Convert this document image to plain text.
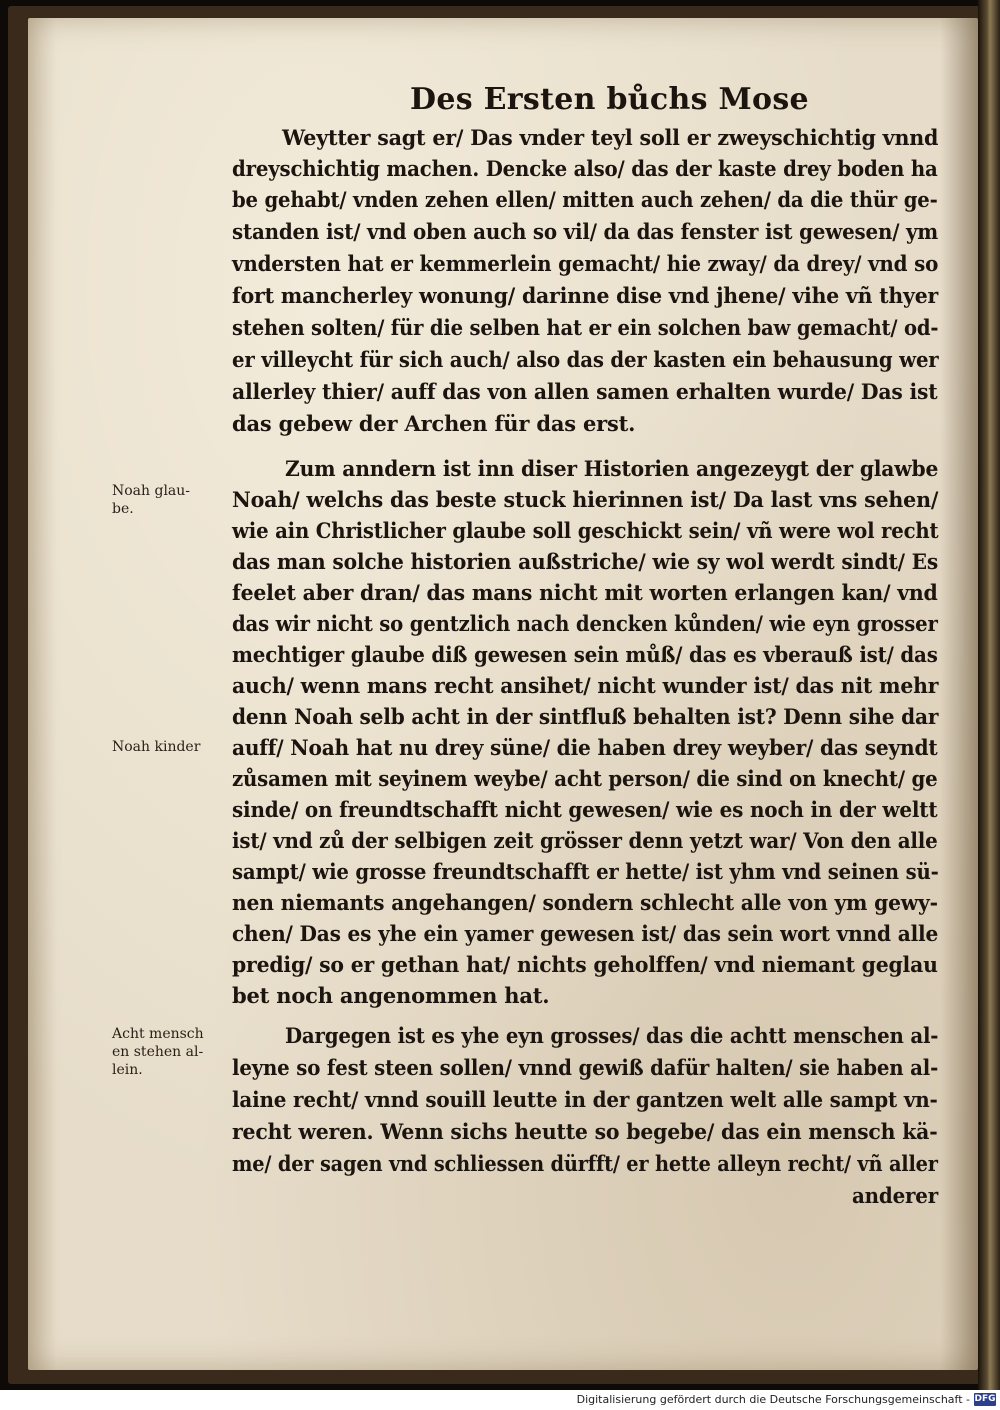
Des Ersten bůchs Mose

Weytter sagt er/ Das vnder teyl soll er zweyschichtig vnnd

dreyschichtig machen. Dencke also/ das der kaste drey boden ha

be gehabt/ vnden zehen ellen/ mitten auch zehen/ da die thür ge-

standen ist/ vnd oben auch so vil/ da das fenster ist gewesen/ ym

vndersten hat er kemmerlein gemacht/ hie zway/ da drey/ vnd so

fort mancherley wonung/ darinne dise vnd jhene/ vihe vñ thyer

stehen solten/ für die selben hat er ein solchen baw gemacht/ od-

er villeycht für sich auch/ also das der kasten ein behausung wer

allerley thier/ auff das von allen samen erhalten wurde/ Das ist

das gebew der Archen für das erst.

Zum anndern ist inn diser Historien angezeygt der glawbe

Noah/ welchs das beste stuck hierinnen ist/ Da last vns sehen/

wie ain Christlicher glaube soll geschickt sein/ vñ were wol recht

das man solche historien außstriche/ wie sy wol werdt sindt/ Es

feelet aber dran/ das mans nicht mit worten erlangen kan/ vnd

das wir nicht so gentzlich nach dencken kůnden/ wie eyn grosser

mechtiger glaube diß gewesen sein můß/ das es vberauß ist/ das

auch/ wenn mans recht ansihet/ nicht wunder ist/ das nit mehr

denn Noah selb acht in der sintfluß behalten ist? Denn sihe dar

auff/ Noah hat nu drey süne/ die haben drey weyber/ das seyndt

zůsamen mit seyinem weybe/ acht person/ die sind on knecht/ ge

sinde/ on freundtschafft nicht gewesen/ wie es noch in der weltt

ist/ vnd zů der selbigen zeit grösser denn yetzt war/ Von den alle

sampt/ wie grosse freundtschafft er hette/ ist yhm vnd seinen sü-

nen niemants angehangen/ sondern schlecht alle von ym gewy-

chen/ Das es yhe ein yamer gewesen ist/ das sein wort vnnd alle

predig/ so er gethan hat/ nichts geholffen/ vnd niemant geglau

bet noch angenommen hat.

Dargegen ist es yhe eyn grosses/ das die achtt menschen al-

leyne so fest steen sollen/ vnnd gewiß dafür halten/ sie haben al-

laine recht/ vnnd souill leutte in der gantzen welt alle sampt vn-

recht weren. Wenn sichs heutte so begebe/ das ein mensch kä-

me/ der sagen vnd schliessen dürfft/ er hette alleyn recht/ vñ aller

anderer

Noah glau-

be.

Noah kinder

Acht mensch

en stehen al-

lein.

Digitalisierung gefördert durch die Deutsche Forschungsgemeinschaft - DFG
